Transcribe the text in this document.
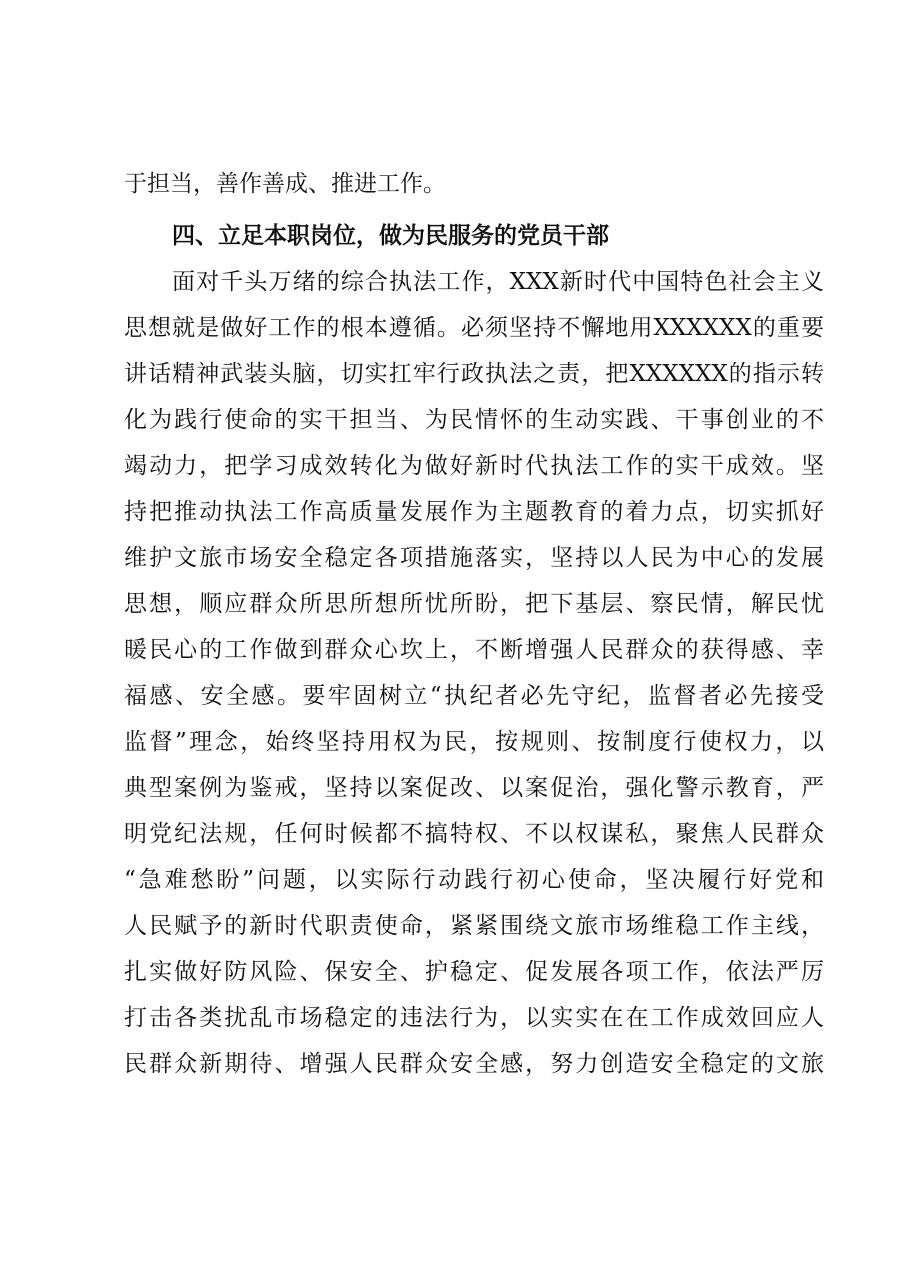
于担当，善作善成、推进工作。
四、立足本职岗位，做为民服务的党员干部
面对千头万绪的综合执法工作，XXX新时代中国特色社会主义
思想就是做好工作的根本遵循。必须坚持不懈地用XXXXXX的重要
讲话精神武装头脑，切实扛牢行政执法之责，把XXXXXX的指示转
化为践行使命的实干担当、为民情怀的生动实践、干事创业的不
竭动力，把学习成效转化为做好新时代执法工作的实干成效。坚
持把推动执法工作高质量发展作为主题教育的着力点，切实抓好
维护文旅市场安全稳定各项措施落实，坚持以人民为中心的发展
思想，顺应群众所思所想所忧所盼，把下基层、察民情，解民忧
暖民心的工作做到群众心坎上，不断增强人民群众的获得感、幸
福感、安全感。要牢固树立“执纪者必先守纪，监督者必先接受
监督”理念，始终坚持用权为民，按规则、按制度行使权力，以
典型案例为鉴戒，坚持以案促改、以案促治，强化警示教育，严
明党纪法规，任何时候都不搞特权、不以权谋私，聚焦人民群众
“急难愁盼”问题，以实际行动践行初心使命，坚决履行好党和
人民赋予的新时代职责使命，紧紧围绕文旅市场维稳工作主线，
扎实做好防风险、保安全、护稳定、促发展各项工作，依法严厉
打击各类扰乱市场稳定的违法行为，以实实在在工作成效回应人
民群众新期待、增强人民群众安全感，努力创造安全稳定的文旅
